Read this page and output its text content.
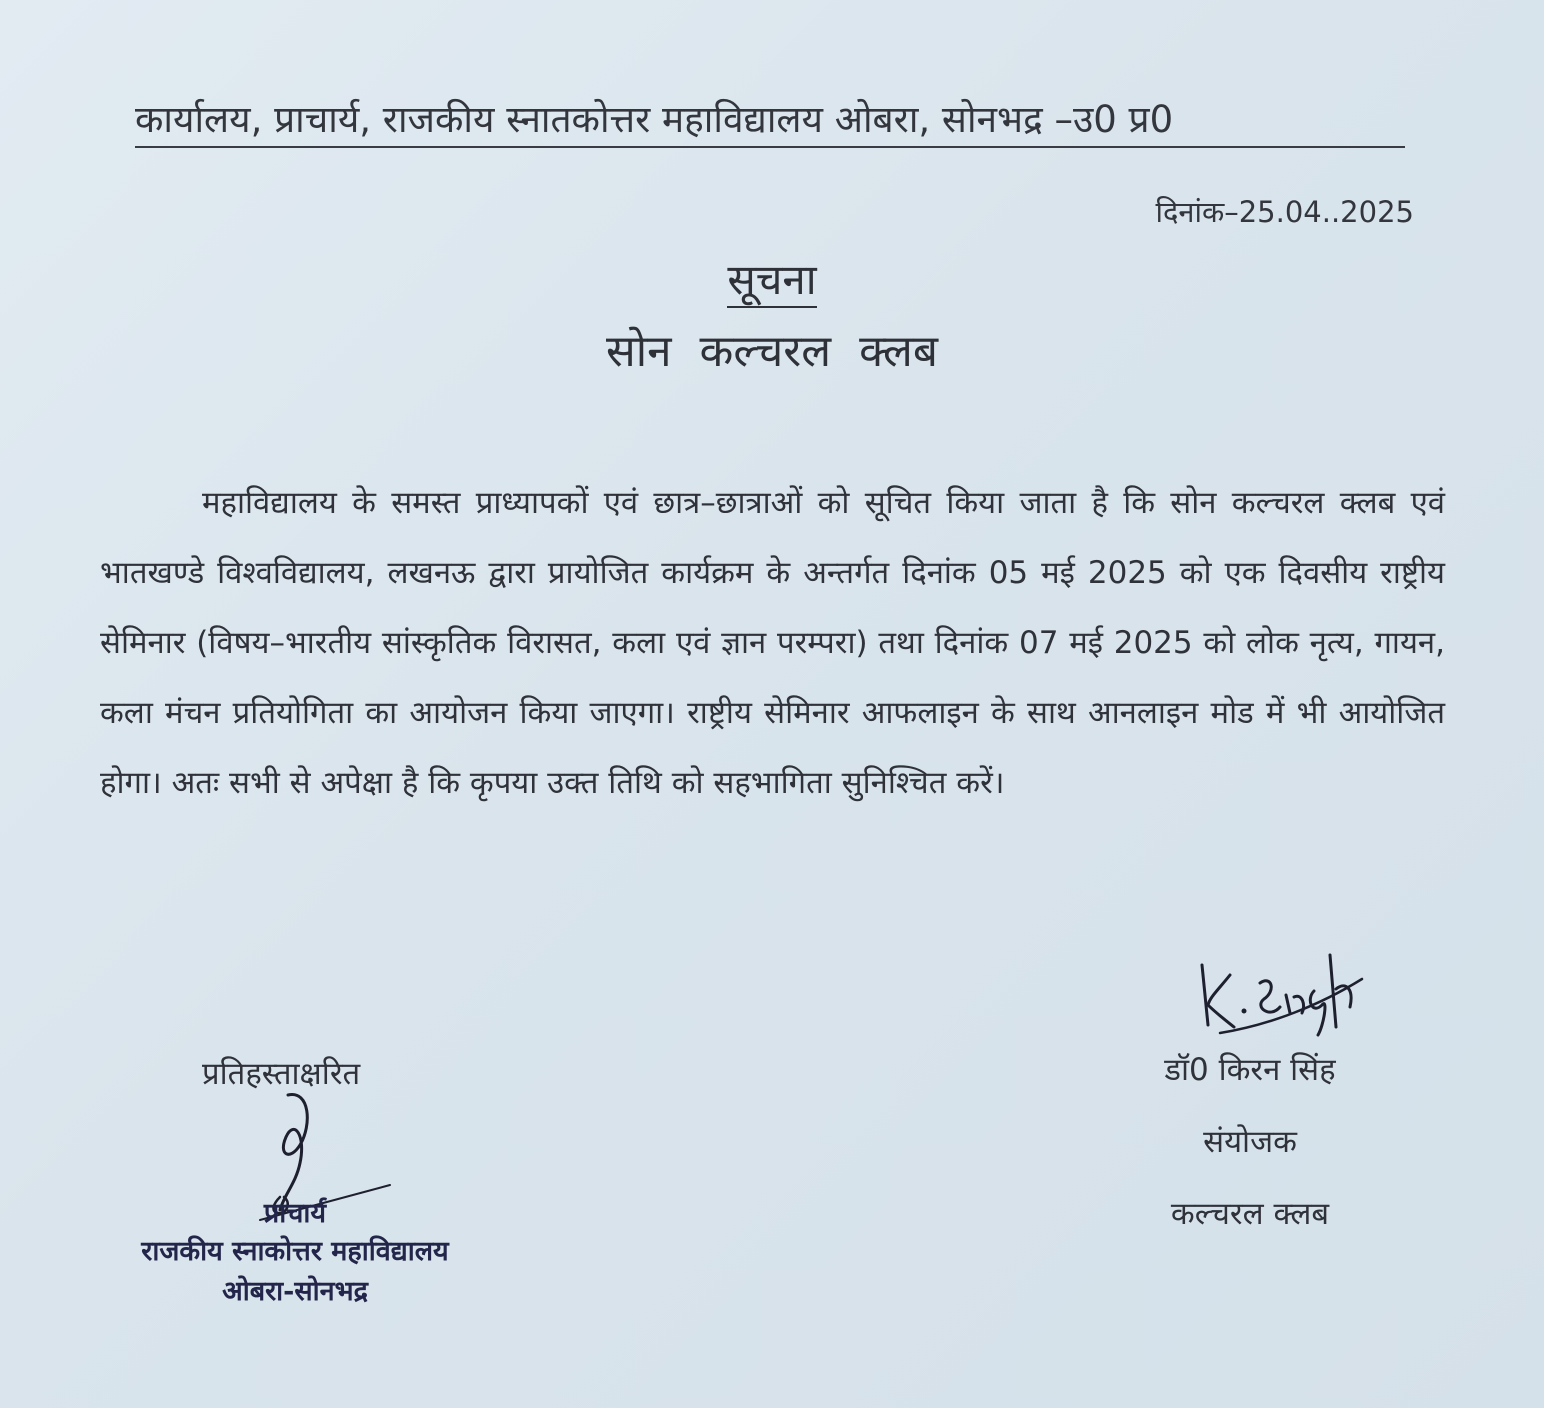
कार्यालय, प्राचार्य, राजकीय स्नातकोत्तर महाविद्यालय ओबरा, सोनभद्र –उ0 प्र0
दिनांक–25.04..2025
सूचना
सोन कल्चरल क्लब

महाविद्यालय के समस्त प्राध्यापकों एवं छात्र–छात्राओं को सूचित किया जाता है कि सोन कल्चरल क्लब एवं भातखण्डे विश्वविद्यालय, लखनऊ द्वारा प्रायोजित कार्यक्रम के अन्तर्गत दिनांक 05 मई 2025 को एक दिवसीय राष्ट्रीय सेमिनार (विषय–भारतीय सांस्कृतिक विरासत, कला एवं ज्ञान परम्परा) तथा दिनांक 07 मई 2025 को लोक नृत्य, गायन, कला मंचन प्रतियोगिता का आयोजन किया जाएगा। राष्ट्रीय सेमिनार आफलाइन के साथ आनलाइन मोड में भी आयोजित होगा। अतः सभी से अपेक्षा है कि कृपया उक्त तिथि को सहभागिता सुनिश्चित करें।

प्रतिहस्ताक्षरित
प्राचार्य
राजकीय स्नाकोत्तर महाविद्यालय
ओबरा-सोनभद्र
डॉ0 किरन सिंह
संयोजक
कल्चरल क्लब
